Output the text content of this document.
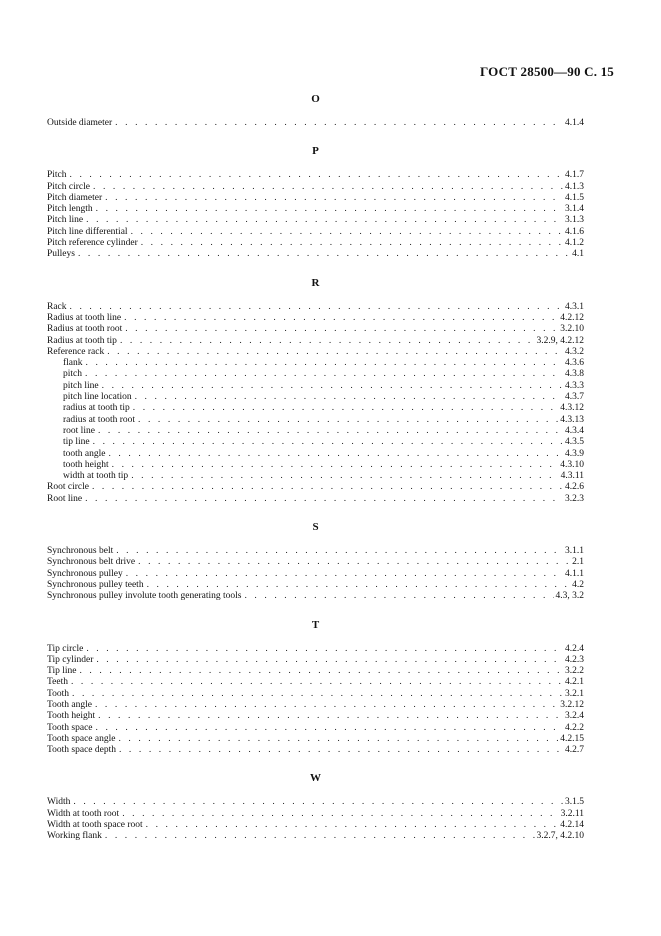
ГОСТ 28500—90 С. 15
O
Outside diameter . . .	4.1.4
P
Pitch . . .	4.1.7
Pitch circle . . .	4.1.3
Pitch diameter . . .	4.1.5
Pitch length . . .	3.1.4
Pitch line . . .	3.1.3
Pitch line differential . . .	4.1.6
Pitch reference cylinder . . .	4.1.2
Pulleys . . .	4.1
R
Rack . . .	4.3.1
Radius at tooth line . . .	4.2.12
Radius at tooth root . . .	3.2.10
Radius at tooth tip . . .	3.2.9, 4.2.12
Reference rack . . .	4.3.2
flank . . .	4.3.6
pitch . . .	4.3.8
pitch line . . .	4.3.3
pitch line location . . .	4.3.7
radius at tooth tip . . .	4.3.12
radius at tooth root . . .	4.3.13
root line . . .	4.3.4
tip line . . .	4.3.5
tooth angle . . .	4.3.9
tooth height . . .	4.3.10
width at tooth tip . . .	4.3.11
Root circle . . .	4.2.6
Root line . . .	3.2.3
S
Synchronous belt . . .	3.1.1
Synchronous belt drive . . .	2.1
Synchronous pulley . . .	4.1.1
Synchronous pulley teeth . . .	4.2
Synchronous pulley involute tooth generating tools . . .	4.3, 3.2
T
Tip circle . . .	4.2.4
Tip cylinder . . .	4.2.3
Tip line . . .	3.2.2
Teeth . . .	4.2.1
Tooth . . .	3.2.1
Tooth angle . . .	3.2.12
Tooth height . . .	3.2.4
Tooth space . . .	4.2.2
Tooth space angle . . .	4.2.15
Tooth space depth . . .	4.2.7
W
Width . . .	3.1.5
Width at tooth root . . .	3.2.11
Width at tooth space root . . .	4.2.14
Working flank . . .	3.2.7, 4.2.10
